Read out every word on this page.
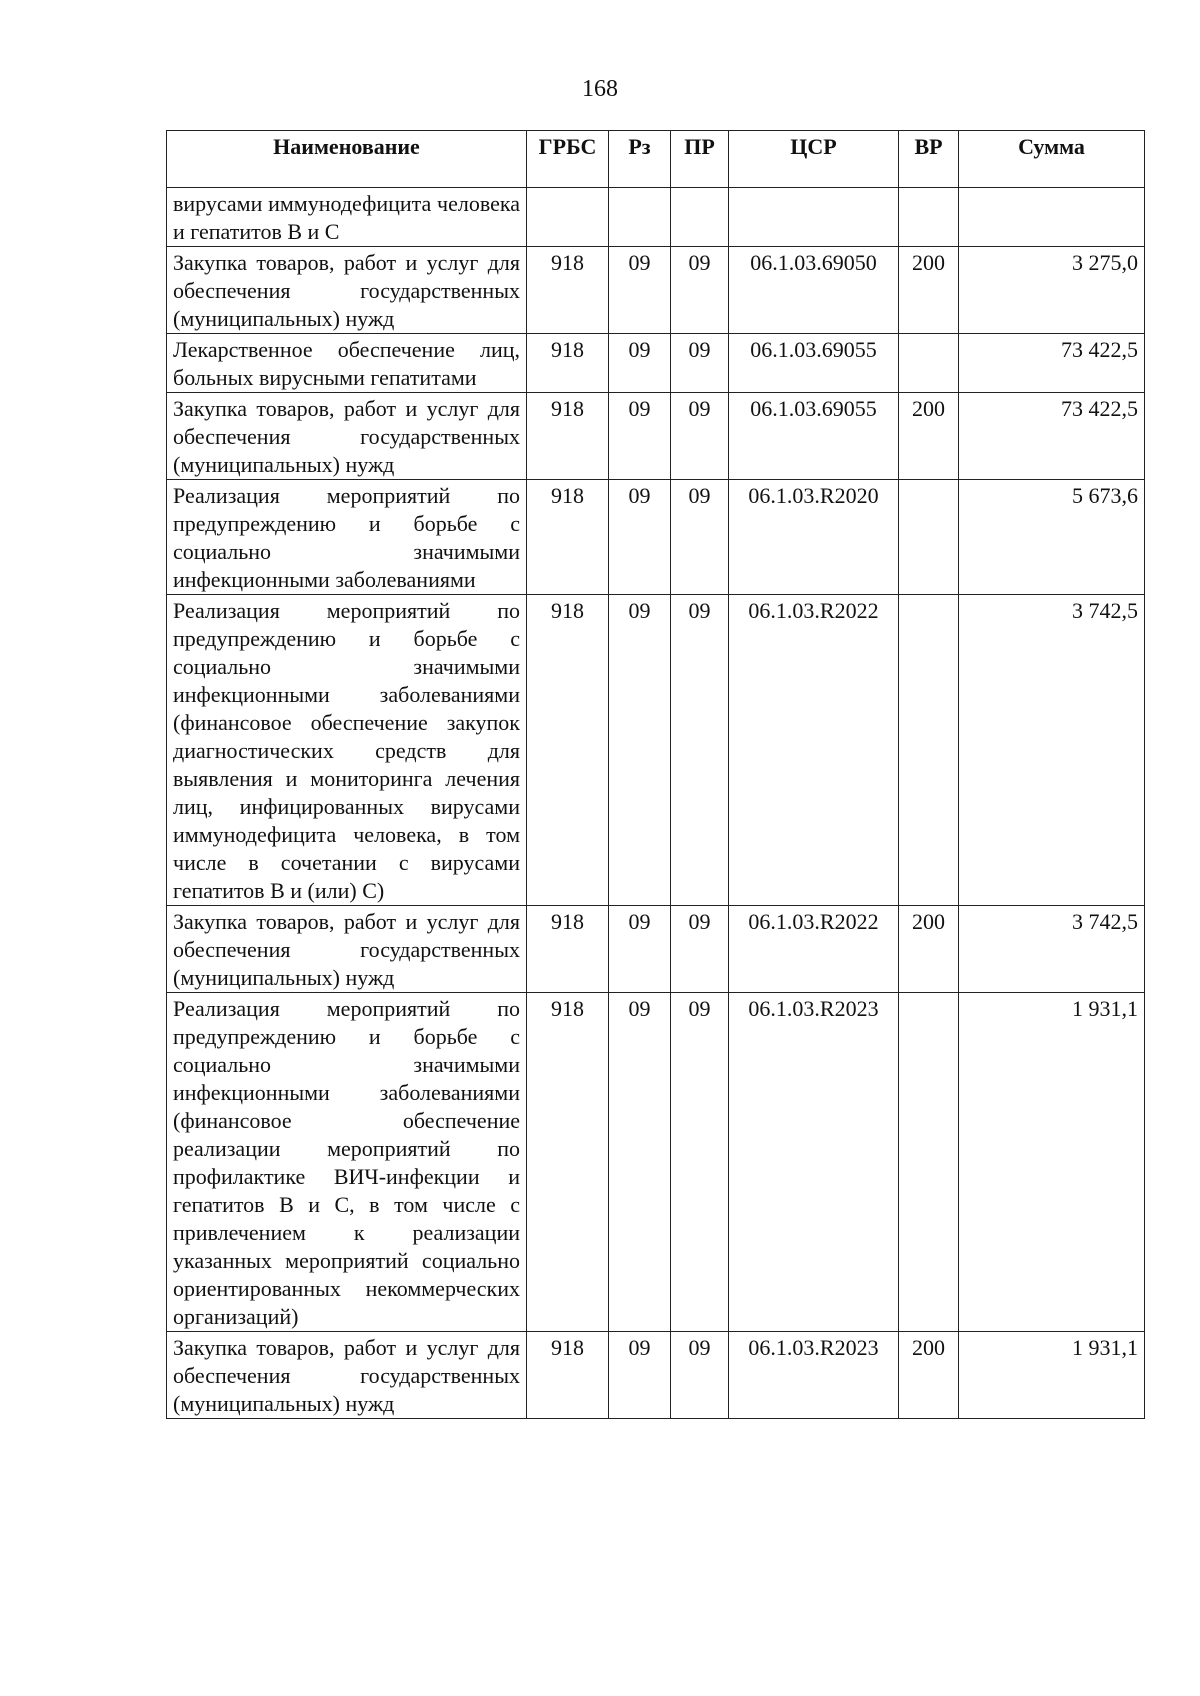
168
Наименование	ГРБС	Рз	ПР	ЦСР	ВР	Сумма
вирусами иммунодефицита человека и гепатитов В и С						
Закупка товаров, работ и услуг для обеспечения государственных (муниципальных) нужд	918	09	09	06.1.03.69050	200	3 275,0
Лекарственное обеспечение лиц, больных вирусными гепатитами	918	09	09	06.1.03.69055		73 422,5
Закупка товаров, работ и услуг для обеспечения государственных (муниципальных) нужд	918	09	09	06.1.03.69055	200	73 422,5
Реализация мероприятий по предупреждению и борьбе с социально значимыми инфекционными заболеваниями	918	09	09	06.1.03.R2020		5 673,6
Реализация мероприятий по предупреждению и борьбе с социально значимыми инфекционными заболеваниями (финансовое обеспечение закупок диагностических средств для выявления и мониторинга лечения лиц, инфицированных вирусами иммунодефицита человека, в том числе в сочетании с вирусами гепатитов В и (или) С)	918	09	09	06.1.03.R2022		3 742,5
Закупка товаров, работ и услуг для обеспечения государственных (муниципальных) нужд	918	09	09	06.1.03.R2022	200	3 742,5
Реализация мероприятий по предупреждению и борьбе с социально значимыми инфекционными заболеваниями (финансовое обеспечение реализации мероприятий по профилактике ВИЧ-инфекции и гепатитов В и С, в том числе с привлечением к реализации указанных мероприятий социально ориентированных некоммерческих организаций)	918	09	09	06.1.03.R2023		1 931,1
Закупка товаров, работ и услуг для обеспечения государственных (муниципальных) нужд	918	09	09	06.1.03.R2023	200	1 931,1
